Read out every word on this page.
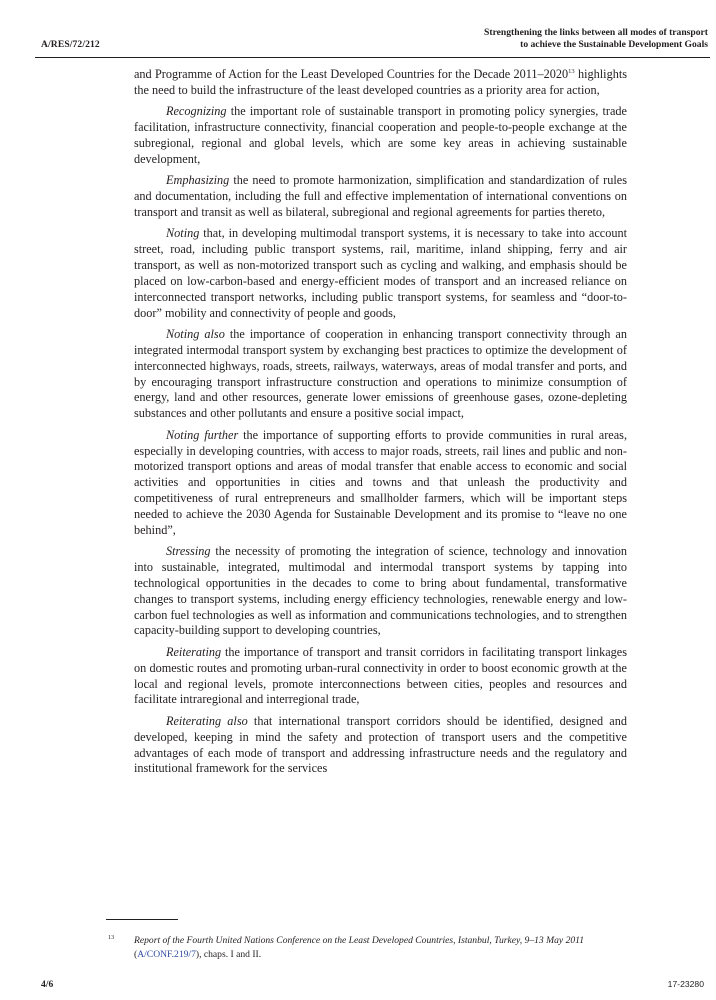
A/RES/72/212
Strengthening the links between all modes of transport
to achieve the Sustainable Development Goals

and Programme of Action for the Least Developed Countries for the Decade 2011–2020$^{13}$ highlights the need to build the infrastructure of the least developed countries as a priority area for action,

Recognizing the important role of sustainable transport in promoting policy synergies, trade facilitation, infrastructure connectivity, financial cooperation and people-to-people exchange at the subregional, regional and global levels, which are some key areas in achieving sustainable development,

Emphasizing the need to promote harmonization, simplification and standardization of rules and documentation, including the full and effective implementation of international conventions on transport and transit as well as bilateral, subregional and regional agreements for parties thereto,

Noting that, in developing multimodal transport systems, it is necessary to take into account street, road, including public transport systems, rail, maritime, inland shipping, ferry and air transport, as well as non-motorized transport such as cycling and walking, and emphasis should be placed on low-carbon-based and energy-efficient modes of transport and an increased reliance on interconnected transport networks, including public transport systems, for seamless and “door-to-door” mobility and connectivity of people and goods,

Noting also the importance of cooperation in enhancing transport connectivity through an integrated intermodal transport system by exchanging best practices to optimize the development of interconnected highways, roads, streets, railways, waterways, areas of modal transfer and ports, and by encouraging transport infrastructure construction and operations to minimize consumption of energy, land and other resources, generate lower emissions of greenhouse gases, ozone-depleting substances and other pollutants and ensure a positive social impact,

Noting further the importance of supporting efforts to provide communities in rural areas, especially in developing countries, with access to major roads, streets, rail lines and public and non-motorized transport options and areas of modal transfer that enable access to economic and social activities and opportunities in cities and towns and that unleash the productivity and competitiveness of rural entrepreneurs and smallholder farmers, which will be important steps needed to achieve the 2030 Agenda for Sustainable Development and its promise to “leave no one behind”,

Stressing the necessity of promoting the integration of science, technology and innovation into sustainable, integrated, multimodal and intermodal transport systems by tapping into technological opportunities in the decades to come to bring about fundamental, transformative changes to transport systems, including energy efficiency technologies, renewable energy and low-carbon fuel technologies as well as information and communications technologies, and to strengthen capacity-building support to developing countries,

Reiterating the importance of transport and transit corridors in facilitating transport linkages on domestic routes and promoting urban-rural connectivity in order to boost economic growth at the local and regional levels, promote interconnections between cities, peoples and resources and facilitate intraregional and interregional trade,

Reiterating also that international transport corridors should be identified, designed and developed, keeping in mind the safety and protection of transport users and the competitive advantages of each mode of transport and addressing infrastructure needs and the regulatory and institutional framework for the services

13 Report of the Fourth United Nations Conference on the Least Developed Countries, Istanbul, Turkey, 9–13 May 2011 (A/CONF.219/7), chaps. I and II.
4/6	17-23280
